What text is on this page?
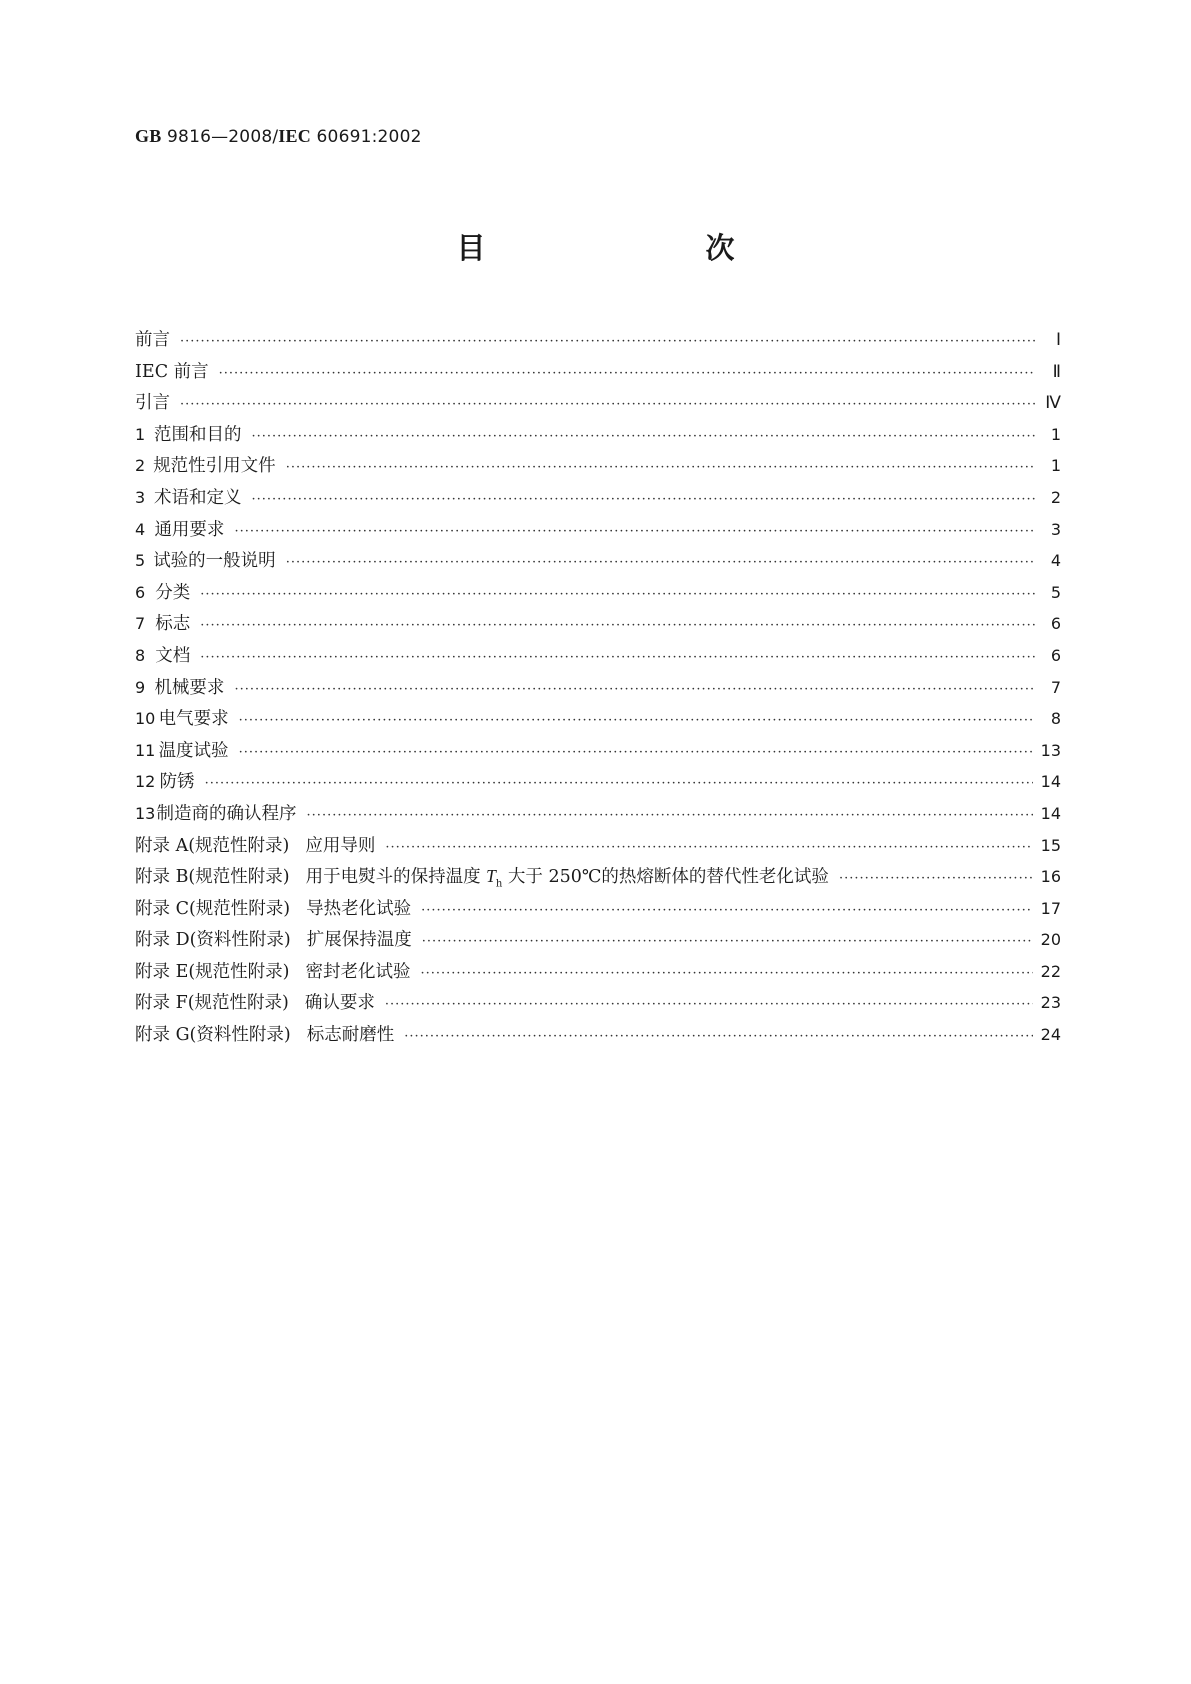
GB 9816—2008/IEC 60691:2002
目　　次
前言 ·····	Ⅰ
IEC 前言 ·····	Ⅱ
引言 ·····	Ⅳ
1 范围和目的 ·····	1
2 规范性引用文件 ·····	1
3 术语和定义 ·····	2
4 通用要求 ·····	3
5 试验的一般说明 ·····	4
6 分类 ·····	5
7 标志 ·····	6
8 文档 ·····	6
9 机械要求 ·····	7
10 电气要求 ·····	8
11 温度试验 ·····	13
12 防锈 ·····	14
13 制造商的确认程序 ·····	14
附录 A(规范性附录) 应用导则 ·····	15
附录 B(规范性附录) 用于电熨斗的保持温度 $T_h$ 大于 250℃的热熔断体的替代性老化试验 ·····	16
附录 C(规范性附录) 导热老化试验 ·····	17
附录 D(资料性附录) 扩展保持温度 ·····	20
附录 E(规范性附录) 密封老化试验 ·····	22
附录 F(规范性附录) 确认要求 ·····	23
附录 G(资料性附录) 标志耐磨性 ·····	24
